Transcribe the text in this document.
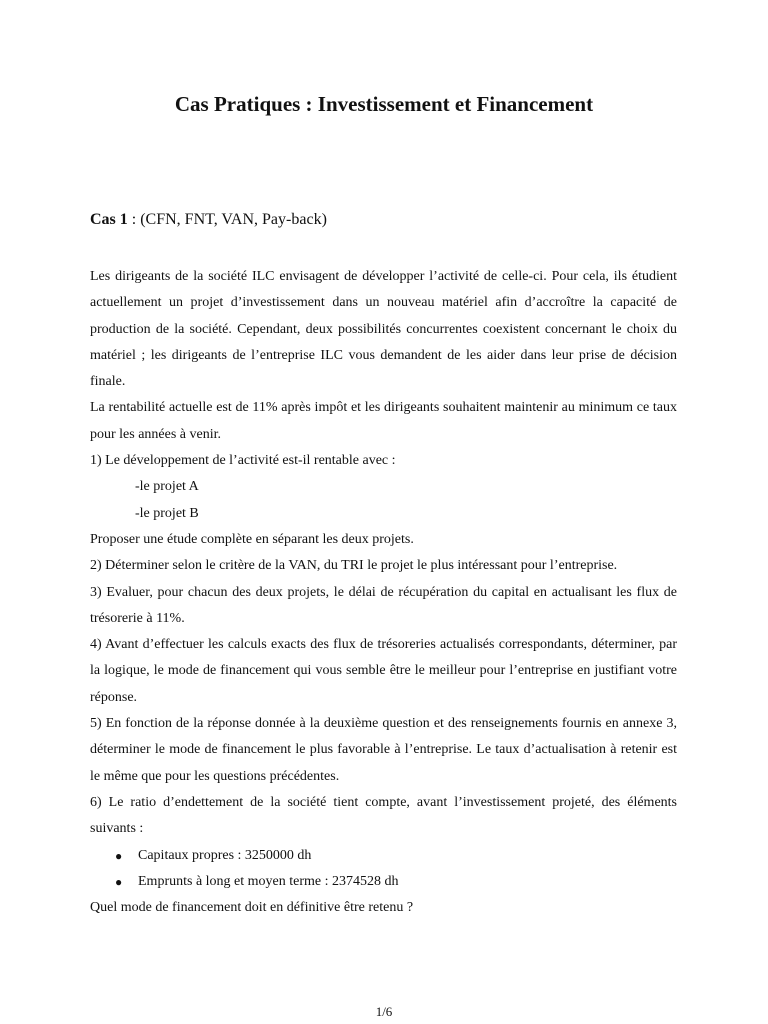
Cas Pratiques : Investissement et Financement

Cas 1 : (CFN, FNT, VAN, Pay-back)

Les dirigeants de la société ILC envisagent de développer l’activité de celle-ci. Pour cela, ils étudient actuellement un projet d’investissement dans un nouveau matériel afin d’accroître la capacité de production de la société. Cependant, deux possibilités concurrentes coexistent concernant le choix du matériel ; les dirigeants de l’entreprise ILC vous demandent de les aider dans leur prise de décision finale.

La rentabilité actuelle est de 11% après impôt et les dirigeants souhaitent maintenir au minimum ce taux pour les années à venir.

1) Le développement de l’activité est-il rentable avec :

-le projet A

-le projet B

Proposer une étude complète en séparant les deux projets.

2) Déterminer selon le critère de la VAN, du TRI le projet le plus intéressant pour l’entreprise.

3) Evaluer, pour chacun des deux projets, le délai de récupération du capital en actualisant les flux de trésorerie à 11%.

4) Avant d’effectuer les calculs exacts des flux de trésoreries actualisés correspondants, déterminer, par la logique, le mode de financement qui vous semble être le meilleur pour l’entreprise en justifiant votre réponse.

5) En fonction de la réponse donnée à la deuxième question et des renseignements fournis en annexe 3, déterminer le mode de financement le plus favorable à l’entreprise. Le taux d’actualisation à retenir est le même que pour les questions précédentes.

6) Le ratio d’endettement de la société tient compte, avant l’investissement projeté, des éléments suivants :

● Capitaux propres : 3250000 dh
● Emprunts à long et moyen terme : 2374528 dh

Quel mode de financement doit en définitive être retenu ?

1/6
